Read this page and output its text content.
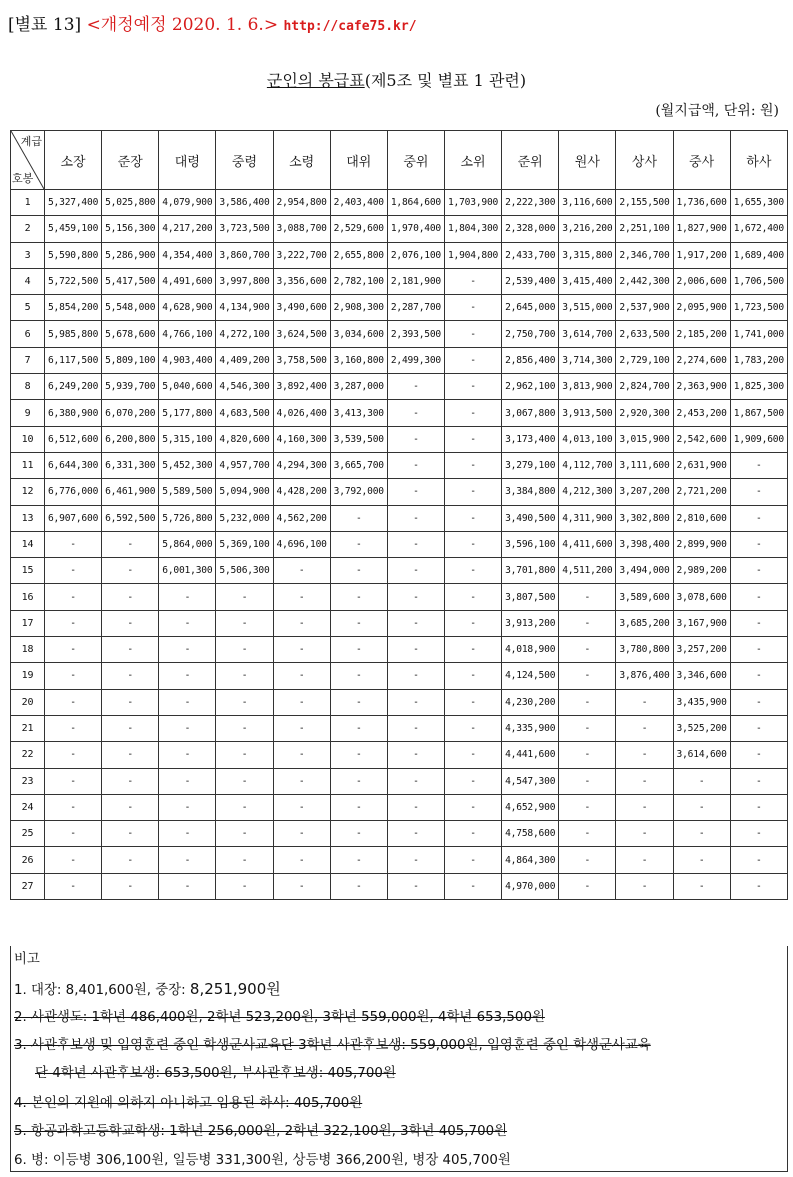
[별표 13] <개정예정 2020. 1. 6.> http://cafe75.kr/
군인의 봉급표(제5조 및 별표 1 관련)
(월지급액, 단위: 원)
계급
호봉	소장	준장	대령	중령	소령	대위	중위	소위	준위	원사	상사	중사	하사
1	5,327,400	5,025,800	4,079,900	3,586,400	2,954,800	2,403,400	1,864,600	1,703,900	2,222,300	3,116,600	2,155,500	1,736,600	1,655,300
2	5,459,100	5,156,300	4,217,200	3,723,500	3,088,700	2,529,600	1,970,400	1,804,300	2,328,000	3,216,200	2,251,100	1,827,900	1,672,400
3	5,590,800	5,286,900	4,354,400	3,860,700	3,222,700	2,655,800	2,076,100	1,904,800	2,433,700	3,315,800	2,346,700	1,917,200	1,689,400
4	5,722,500	5,417,500	4,491,600	3,997,800	3,356,600	2,782,100	2,181,900	-	2,539,400	3,415,400	2,442,300	2,006,600	1,706,500
5	5,854,200	5,548,000	4,628,900	4,134,900	3,490,600	2,908,300	2,287,700	-	2,645,000	3,515,000	2,537,900	2,095,900	1,723,500
6	5,985,800	5,678,600	4,766,100	4,272,100	3,624,500	3,034,600	2,393,500	-	2,750,700	3,614,700	2,633,500	2,185,200	1,741,000
7	6,117,500	5,809,100	4,903,400	4,409,200	3,758,500	3,160,800	2,499,300	-	2,856,400	3,714,300	2,729,100	2,274,600	1,783,200
8	6,249,200	5,939,700	5,040,600	4,546,300	3,892,400	3,287,000	-	-	2,962,100	3,813,900	2,824,700	2,363,900	1,825,300
9	6,380,900	6,070,200	5,177,800	4,683,500	4,026,400	3,413,300	-	-	3,067,800	3,913,500	2,920,300	2,453,200	1,867,500
10	6,512,600	6,200,800	5,315,100	4,820,600	4,160,300	3,539,500	-	-	3,173,400	4,013,100	3,015,900	2,542,600	1,909,600
11	6,644,300	6,331,300	5,452,300	4,957,700	4,294,300	3,665,700	-	-	3,279,100	4,112,700	3,111,600	2,631,900	-
12	6,776,000	6,461,900	5,589,500	5,094,900	4,428,200	3,792,000	-	-	3,384,800	4,212,300	3,207,200	2,721,200	-
13	6,907,600	6,592,500	5,726,800	5,232,000	4,562,200	-	-	-	3,490,500	4,311,900	3,302,800	2,810,600	-
14	-	-	5,864,000	5,369,100	4,696,100	-	-	-	3,596,100	4,411,600	3,398,400	2,899,900	-
15	-	-	6,001,300	5,506,300	-	-	-	-	3,701,800	4,511,200	3,494,000	2,989,200	-
16	-	-	-	-	-	-	-	-	3,807,500	-	3,589,600	3,078,600	-
17	-	-	-	-	-	-	-	-	3,913,200	-	3,685,200	3,167,900	-
18	-	-	-	-	-	-	-	-	4,018,900	-	3,780,800	3,257,200	-
19	-	-	-	-	-	-	-	-	4,124,500	-	3,876,400	3,346,600	-
20	-	-	-	-	-	-	-	-	4,230,200	-	-	3,435,900	-
21	-	-	-	-	-	-	-	-	4,335,900	-	-	3,525,200	-
22	-	-	-	-	-	-	-	-	4,441,600	-	-	3,614,600	-
23	-	-	-	-	-	-	-	-	4,547,300	-	-	-	-
24	-	-	-	-	-	-	-	-	4,652,900	-	-	-	-
25	-	-	-	-	-	-	-	-	4,758,600	-	-	-	-
26	-	-	-	-	-	-	-	-	4,864,300	-	-	-	-
27	-	-	-	-	-	-	-	-	4,970,000	-	-	-	-
비고
1. 대장: 8,401,600원, 중장: 8,251,900원
2. 사관생도: 1학년 486,400원, 2학년 523,200원, 3학년 559,000원, 4학년 653,500원
3. 사관후보생 및 입영훈련 중인 학생군사교육단 3학년 사관후보생: 559,000원, 입영훈련 중인 학생군사교육
단 4학년 사관후보생: 653,500원, 부사관후보생: 405,700원
4. 본인의 지원에 의하지 아니하고 임용된 하사: 405,700원
5. 항공과학고등학교학생: 1학년 256,000원, 2학년 322,100원, 3학년 405,700원
6. 병: 이등병 306,100원, 일등병 331,300원, 상등병 366,200원, 병장 405,700원
